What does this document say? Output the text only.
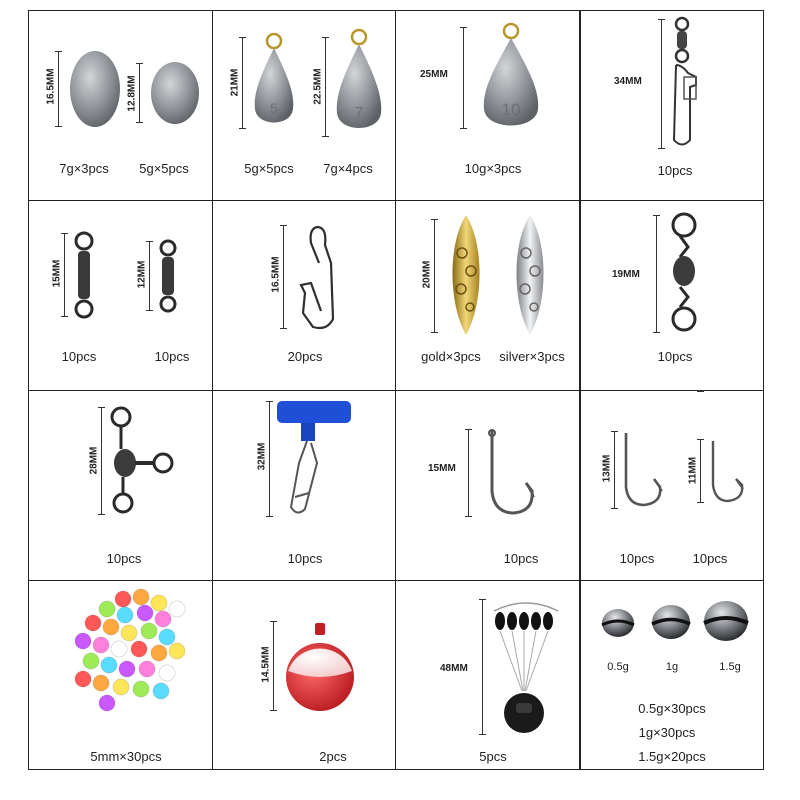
16.5MM	12.8MM
7g×3pcs 5g×5pcs
21MM
5
22.5MM
7
5g×5pcs 7g×4pcs
25MM
10
10g×3pcs
34MM
10pcs
15MM	12MM
10pcs	10pcs
16.5MM
20pcs
20MM
gold×3pcs silver×3pcs
19MM
10pcs
28MM
10pcs
32MM
10pcs
15MM
10pcs
13MM	11MM
10pcs	10pcs
5mm×30pcs
14.5MM
2pcs
48MM
5pcs
0.5g	1g	1.5g
0.5g×30pcs
1g×30pcs
1.5g×20pcs
